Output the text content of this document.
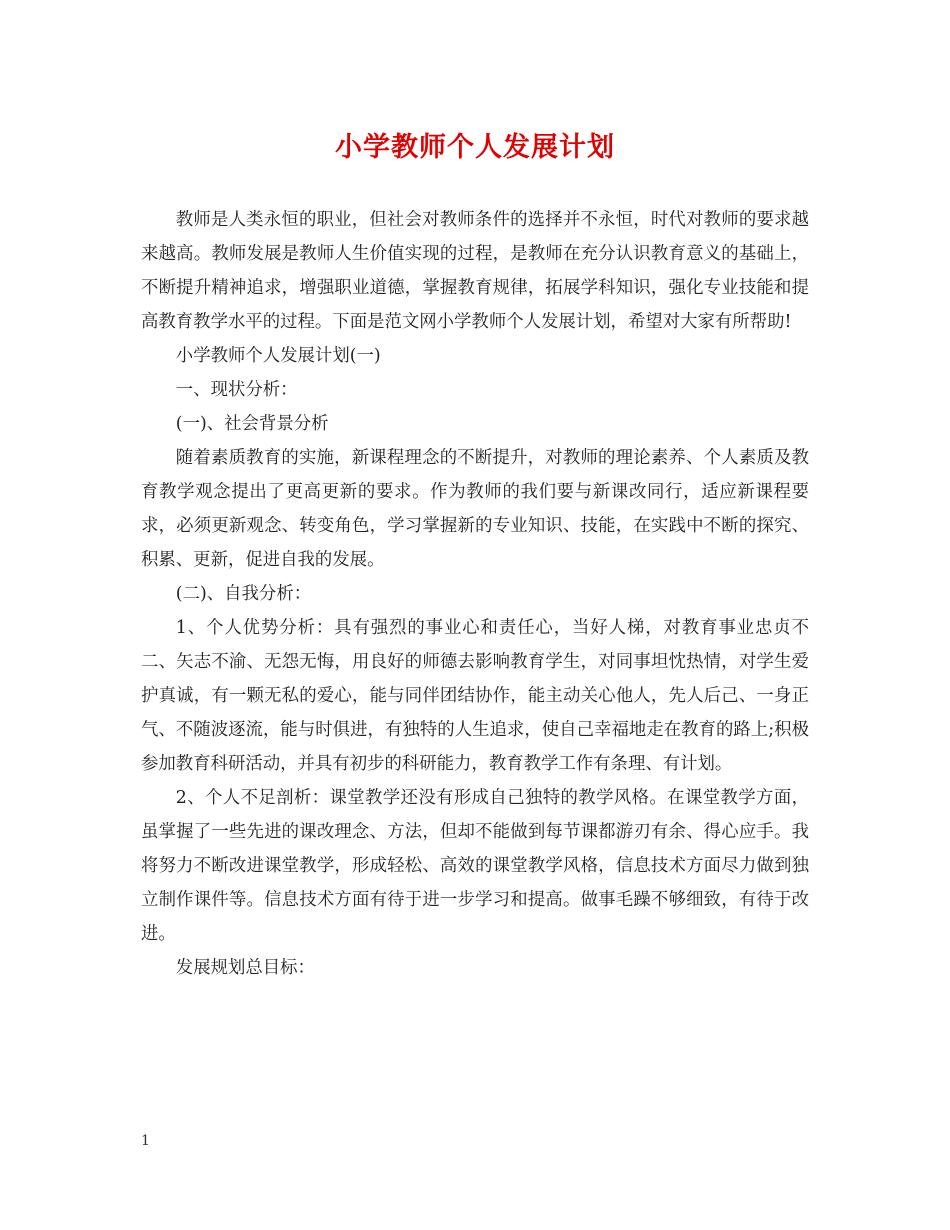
小学教师个人发展计划

教师是人类永恒的职业，但社会对教师条件的选择并不永恒，时代对教师的要求越来越高。教师发展是教师人生价值实现的过程，是教师在充分认识教育意义的基础上，不断提升精神追求，增强职业道德，掌握教育规律，拓展学科知识，强化专业技能和提高教育教学水平的过程。下面是范文网小学教师个人发展计划，希望对大家有所帮助!

小学教师个人发展计划(一)

一、现状分析：

(一)、社会背景分析

随着素质教育的实施，新课程理念的不断提升，对教师的理论素养、个人素质及教育教学观念提出了更高更新的要求。作为教师的我们要与新课改同行，适应新课程要求，必须更新观念、转变角色，学习掌握新的专业知识、技能，在实践中不断的探究、积累、更新，促进自我的发展。

(二)、自我分析：

1、个人优势分析：具有强烈的事业心和责任心，当好人梯，对教育事业忠贞不二、矢志不渝、无怨无悔，用良好的师德去影响教育学生，对同事坦忱热情，对学生爱护真诚，有一颗无私的爱心，能与同伴团结协作，能主动关心他人，先人后己、一身正气、不随波逐流，能与时俱进，有独特的人生追求，使自己幸福地走在教育的路上;积极参加教育科研活动，并具有初步的科研能力，教育教学工作有条理、有计划。

2、个人不足剖析：课堂教学还没有形成自己独特的教学风格。在课堂教学方面，虽掌握了一些先进的课改理念、方法，但却不能做到每节课都游刃有余、得心应手。我将努力不断改进课堂教学，形成轻松、高效的课堂教学风格，信息技术方面尽力做到独立制作课件等。信息技术方面有待于进一步学习和提高。做事毛躁不够细致，有待于改进。

发展规划总目标：

1
